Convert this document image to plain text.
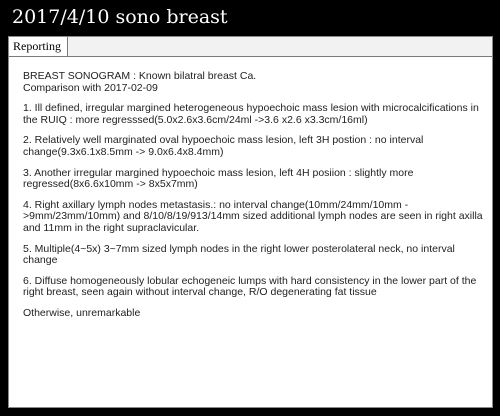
2017/4/10 sono breast
Reporting

BREAST SONOGRAM : Known bilatral breast Ca.
Comparison with 2017-02-09

1. Ill defined, irregular margined heterogeneous hypoechoic mass lesion with microcalcifications in the RUIQ : more regresssed(5.0x2.6x3.6cm/24ml ->3.6 x2.6 x3.3cm/16ml)

2. Relatively well marginated oval hypoechoic mass lesion, left 3H postion : no interval change(9.3x6.1x8.5mm -> 9.0x6.4x8.4mm)

3. Another irregular margined hypoechoic mass lesion, left 4H posiion : slightly more regressed(8x6.6x10mm -> 8x5x7mm)

4. Right axillary lymph nodes metastasis.: no interval change(10mm/24mm/10mm ->9mm/23mm/10mm) and 8/10/8/19/913/14mm sized additional lymph nodes are seen in right axilla and 11mm in the right supraclavicular.

5. Multiple(4~5x) 3~7mm sized lymph nodes in the right lower posterolateral neck, no interval change

6. Diffuse homogeneously lobular echogeneic lumps with hard consistency in the lower part of the right breast, seen again without interval change, R/O degenerating fat tissue

Otherwise, unremarkable
